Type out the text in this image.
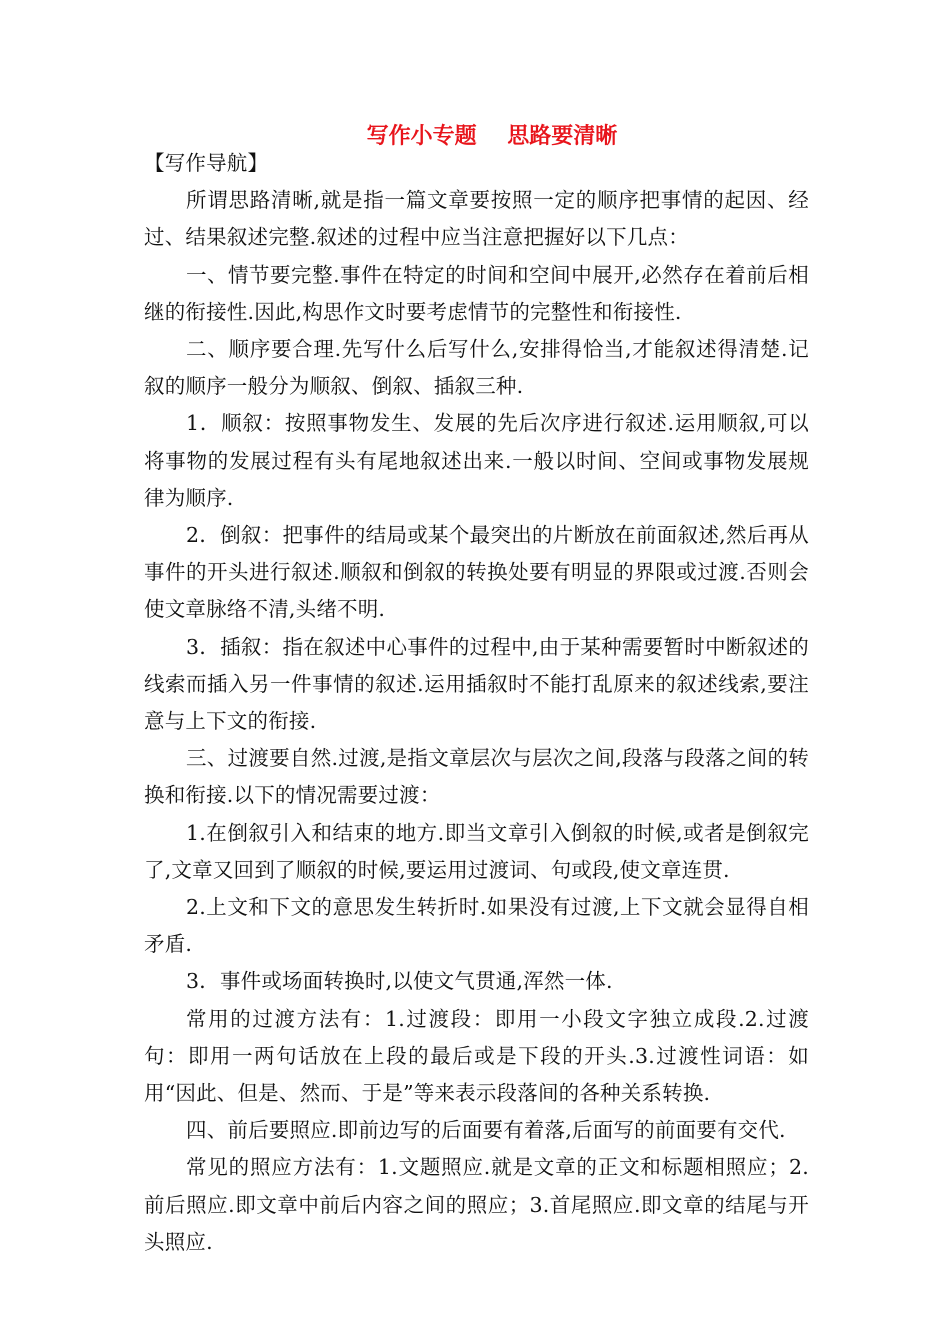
写作小专题    思路要清晰

【写作导航】

所谓思路清晰,就是指一篇文章要按照一定的顺序把事情的起因、经过、结果叙述完整.叙述的过程中应当注意把握好以下几点：

一、情节要完整.事件在特定的时间和空间中展开,必然存在着前后相继的衔接性.因此,构思作文时要考虑情节的完整性和衔接性.

二、顺序要合理.先写什么后写什么,安排得恰当,才能叙述得清楚.记叙的顺序一般分为顺叙、倒叙、插叙三种.

1．顺叙：按照事物发生、发展的先后次序进行叙述.运用顺叙,可以将事物的发展过程有头有尾地叙述出来.一般以时间、空间或事物发展规律为顺序.

2．倒叙：把事件的结局或某个最突出的片断放在前面叙述,然后再从事件的开头进行叙述.顺叙和倒叙的转换处要有明显的界限或过渡.否则会使文章脉络不清,头绪不明.

3．插叙：指在叙述中心事件的过程中,由于某种需要暂时中断叙述的线索而插入另一件事情的叙述.运用插叙时不能打乱原来的叙述线索,要注意与上下文的衔接.

三、过渡要自然.过渡,是指文章层次与层次之间,段落与段落之间的转换和衔接.以下的情况需要过渡：

1.在倒叙引入和结束的地方.即当文章引入倒叙的时候,或者是倒叙完了,文章又回到了顺叙的时候,要运用过渡词、句或段,使文章连贯.

2.上文和下文的意思发生转折时.如果没有过渡,上下文就会显得自相矛盾.

3．事件或场面转换时,以使文气贯通,浑然一体.

常用的过渡方法有：1.过渡段：即用一小段文字独立成段.2.过渡句：即用一两句话放在上段的最后或是下段的开头.3.过渡性词语：如用“因此、但是、然而、于是”等来表示段落间的各种关系转换.

四、前后要照应.即前边写的后面要有着落,后面写的前面要有交代.

常见的照应方法有：1.文题照应.就是文章的正文和标题相照应；2.前后照应.即文章中前后内容之间的照应；3.首尾照应.即文章的结尾与开头照应.
